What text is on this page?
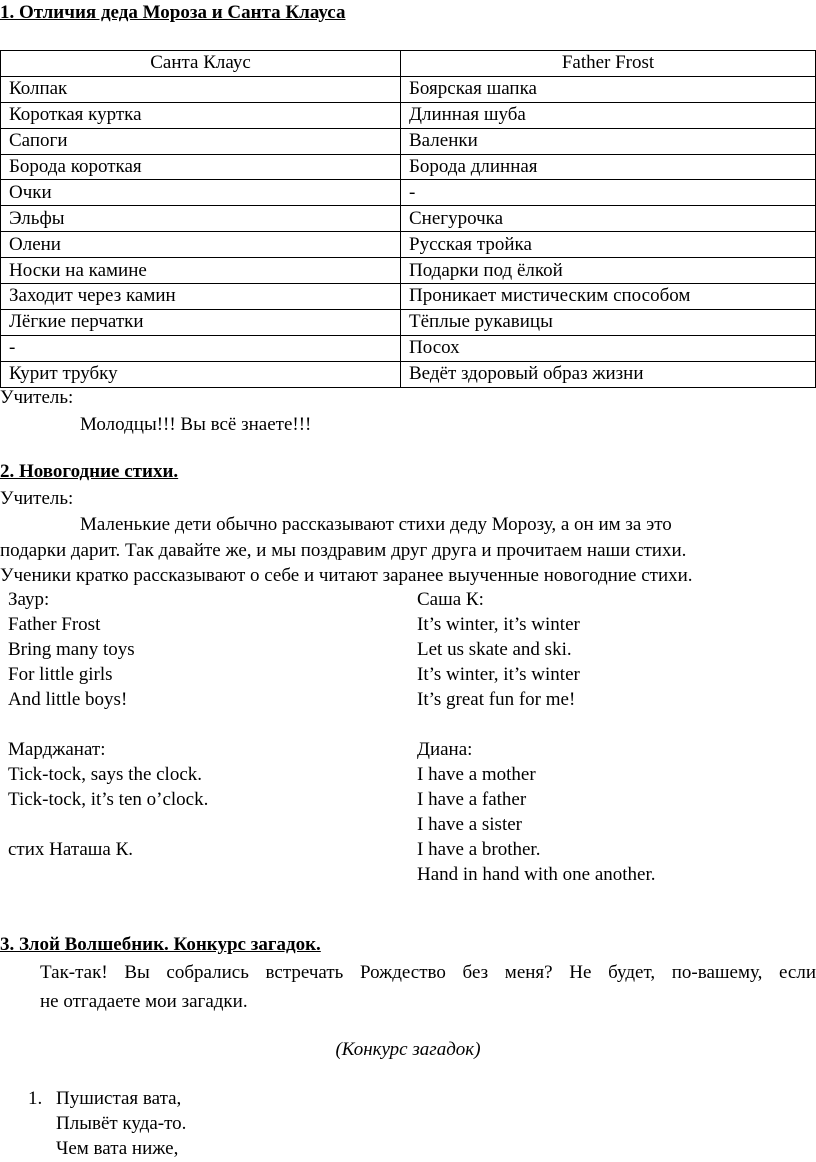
1. Отличия деда Мороза и Санта Клауса
Санта Клаус	Father Frost
Колпак	Боярская шапка
Короткая куртка	Длинная шуба
Сапоги	Валенки
Борода короткая	Борода длинная
Очки	-
Эльфы	Снегурочка
Олени	Русская тройка
Носки на камине	Подарки под ёлкой
Заходит через камин	Проникает мистическим способом
Лёгкие перчатки	Тёплые рукавицы
-	Посох
Курит трубку	Ведёт здоровый образ жизни
Учитель:
Молодцы!!! Вы всё знаете!!!
2. Новогодние стихи.
Учитель:
Маленькие дети обычно рассказывают стихи деду Морозу, а он им за это
подарки дарит. Так давайте же, и мы поздравим друг друга и прочитаем наши стихи.
Ученики кратко рассказывают о себе и читают заранее выученные новогодние стихи.
Заур:
Father Frost
Bring many toys
For little girls
And little boys!
Марджанат:
Tick-tock, says the clock.
Tick-tock, it’s ten o’clock.
стих Наташа К.
Саша К:
It’s winter, it’s winter
Let us skate and ski.
It’s winter, it’s winter
It’s great fun for me!
Диана:
I have a mother
I have a father
I have a sister
I have a brother.
Hand in hand with one another.
3. Злой Волшебник. Конкурс загадок.
Так-так! Вы собрались встречать Рождество без меня? Не будет, по-вашему, если
не отгадаете мои загадки.
(Конкурс загадок)
1. Пушистая вата,
Плывёт куда-то.
Чем вата ниже,
